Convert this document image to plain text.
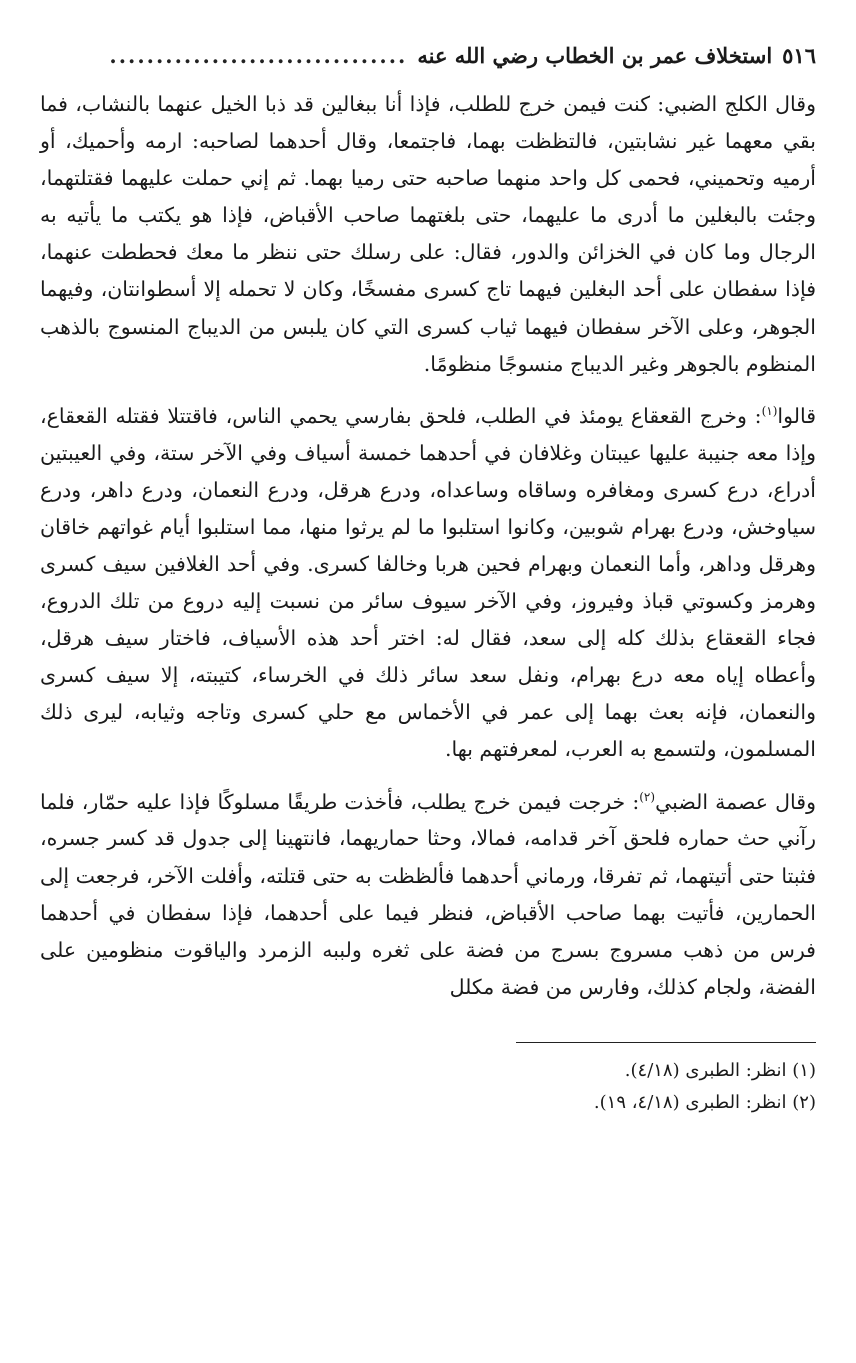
٥١٦
استخلاف عمر بن الخطاب رضي الله عنه
................................

وقال الكلج الضبي: كنت فيمن خرج للطلب، فإذا أنا ببغالين قد ذبا الخيل عنهما بالنشاب، فما بقي معهما غير نشابتين، فالتظظت بهما، فاجتمعا، وقال أحدهما لصاحبه: ارمه وأحميك، أو أرميه وتحميني، فحمى كل واحد منهما صاحبه حتى رميا بهما. ثم إني حملت عليهما فقتلتهما، وجئت بالبغلين ما أدرى ما عليهما، حتى بلغتهما صاحب الأقباض، فإذا هو يكتب ما يأتيه به الرجال وما كان في الخزائن والدور، فقال: على رسلك حتى ننظر ما معك فحططت عنهما، فإذا سفطان على أحد البغلين فيهما تاج كسرى مفسخًا، وكان لا تحمله إلا أسطوانتان، وفيهما الجوهر، وعلى الآخر سفطان فيهما ثياب كسرى التي كان يلبس من الديباج المنسوج بالذهب المنظوم بالجوهر وغير الديباج منسوجًا منظومًا.

قالوا$^{(١)}$: وخرج القعقاع يومئذ في الطلب، فلحق بفارسي يحمي الناس، فاقتتلا فقتله القعقاع، وإذا معه جنيبة عليها عيبتان وغلافان في أحدهما خمسة أسياف وفي الآخر ستة، وفي العيبتين أدراع، درع كسرى ومغافره وساقاه وساعداه، ودرع هرقل، ودرع النعمان، ودرع داهر، ودرع سياوخش، ودرع بهرام شوبين، وكانوا استلبوا ما لم يرثوا منها، مما استلبوا أيام غواتهم خاقان وهرقل وداهر، وأما النعمان وبهرام فحين هربا وخالفا كسرى. وفي أحد الغلافين سيف كسرى وهرمز وكسوتي قباذ وفيروز، وفي الآخر سيوف سائر من نسبت إليه دروع من تلك الدروع، فجاء القعقاع بذلك كله إلى سعد، فقال له: اختر أحد هذه الأسياف، فاختار سيف هرقل، وأعطاه إياه معه درع بهرام، ونفل سعد سائر ذلك في الخرساء، كتيبته، إلا سيف كسرى والنعمان، فإنه بعث بهما إلى عمر في الأخماس مع حلي كسرى وتاجه وثيابه، ليرى ذلك المسلمون، ولتسمع به العرب، لمعرفتهم بها.

وقال عصمة الضبي$^{(٢)}$: خرجت فيمن خرج يطلب، فأخذت طريقًا مسلوكًا فإذا عليه حمّار، فلما رآني حث حماره فلحق آخر قدامه، فمالا، وحثا حماريهما، فانتهينا إلى جدول قد كسر جسره، فثبتا حتى أتيتهما، ثم تفرقا، ورماني أحدهما فألظظت به حتى قتلته، وأفلت الآخر، فرجعت إلى الحمارين، فأتيت بهما صاحب الأقباض، فنظر فيما على أحدهما، فإذا سفطان في أحدهما فرس من ذهب مسروج بسرج من فضة على ثغره ولببه الزمرد والياقوت منظومين على الفضة، ولجام كذلك، وفارس من فضة مكلل

(١) انظر: الطبرى (٤/١٨).

(٢) انظر: الطبرى (٤/١٨، ١٩).
